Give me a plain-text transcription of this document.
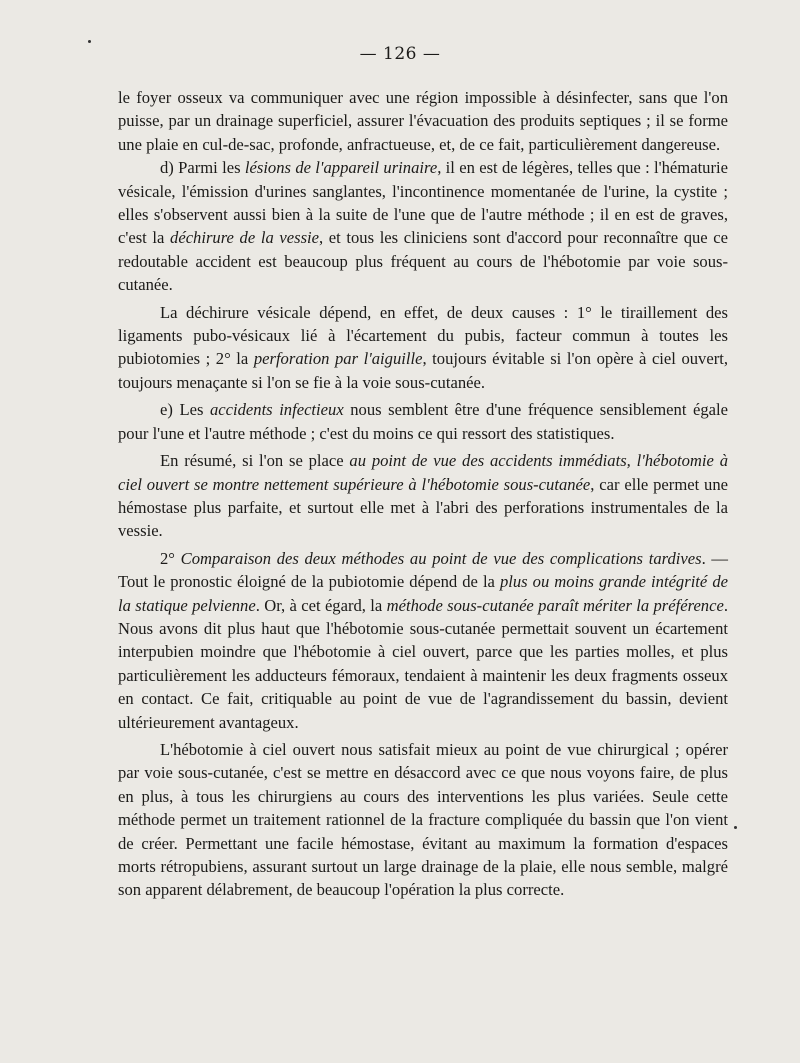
— 126 —

le foyer osseux va communiquer avec une région impossible à désinfecter, sans que l'on puisse, par un drainage superficiel, assurer l'évacuation des produits septiques ; il se forme une plaie en cul-de-sac, profonde, anfractueuse, et, de ce fait, particulièrement dangereuse.

d) Parmi les lésions de l'appareil urinaire, il en est de légères, telles que : l'hématurie vésicale, l'émission d'urines sanglantes, l'incontinence momentanée de l'urine, la cystite ; elles s'observent aussi bien à la suite de l'une que de l'autre méthode ; il en est de graves, c'est la déchirure de la vessie, et tous les cliniciens sont d'accord pour reconnaître que ce redoutable accident est beaucoup plus fréquent au cours de l'hébotomie par voie sous-cutanée.

La déchirure vésicale dépend, en effet, de deux causes : 1° le tiraillement des ligaments pubo-vésicaux lié à l'écartement du pubis, facteur commun à toutes les pubiotomies ; 2° la perforation par l'aiguille, toujours évitable si l'on opère à ciel ouvert, toujours menaçante si l'on se fie à la voie sous-cutanée.

e) Les accidents infectieux nous semblent être d'une fréquence sensiblement égale pour l'une et l'autre méthode ; c'est du moins ce qui ressort des statistiques.

En résumé, si l'on se place au point de vue des accidents immédiats, l'hébotomie à ciel ouvert se montre nettement supérieure à l'hébotomie sous-cutanée, car elle permet une hémostase plus parfaite, et surtout elle met à l'abri des perforations instrumentales de la vessie.

2° Comparaison des deux méthodes au point de vue des complications tardives. — Tout le pronostic éloigné de la pubiotomie dépend de la plus ou moins grande intégrité de la statique pelvienne. Or, à cet égard, la méthode sous-cutanée paraît mériter la préférence. Nous avons dit plus haut que l'hébotomie sous-cutanée permettait souvent un écartement interpubien moindre que l'hébotomie à ciel ouvert, parce que les parties molles, et plus particulièrement les adducteurs fémoraux, tendaient à maintenir les deux fragments osseux en contact. Ce fait, critiquable au point de vue de l'agrandissement du bassin, devient ultérieurement avantageux.

L'hébotomie à ciel ouvert nous satisfait mieux au point de vue chirurgical ; opérer par voie sous-cutanée, c'est se mettre en désaccord avec ce que nous voyons faire, de plus en plus, à tous les chirurgiens au cours des interventions les plus variées. Seule cette méthode permet un traitement rationnel de la fracture compliquée du bassin que l'on vient de créer. Permettant une facile hémostase, évitant au maximum la formation d'espaces morts rétropubiens, assurant surtout un large drainage de la plaie, elle nous semble, malgré son apparent délabrement, de beaucoup l'opération la plus correcte.
